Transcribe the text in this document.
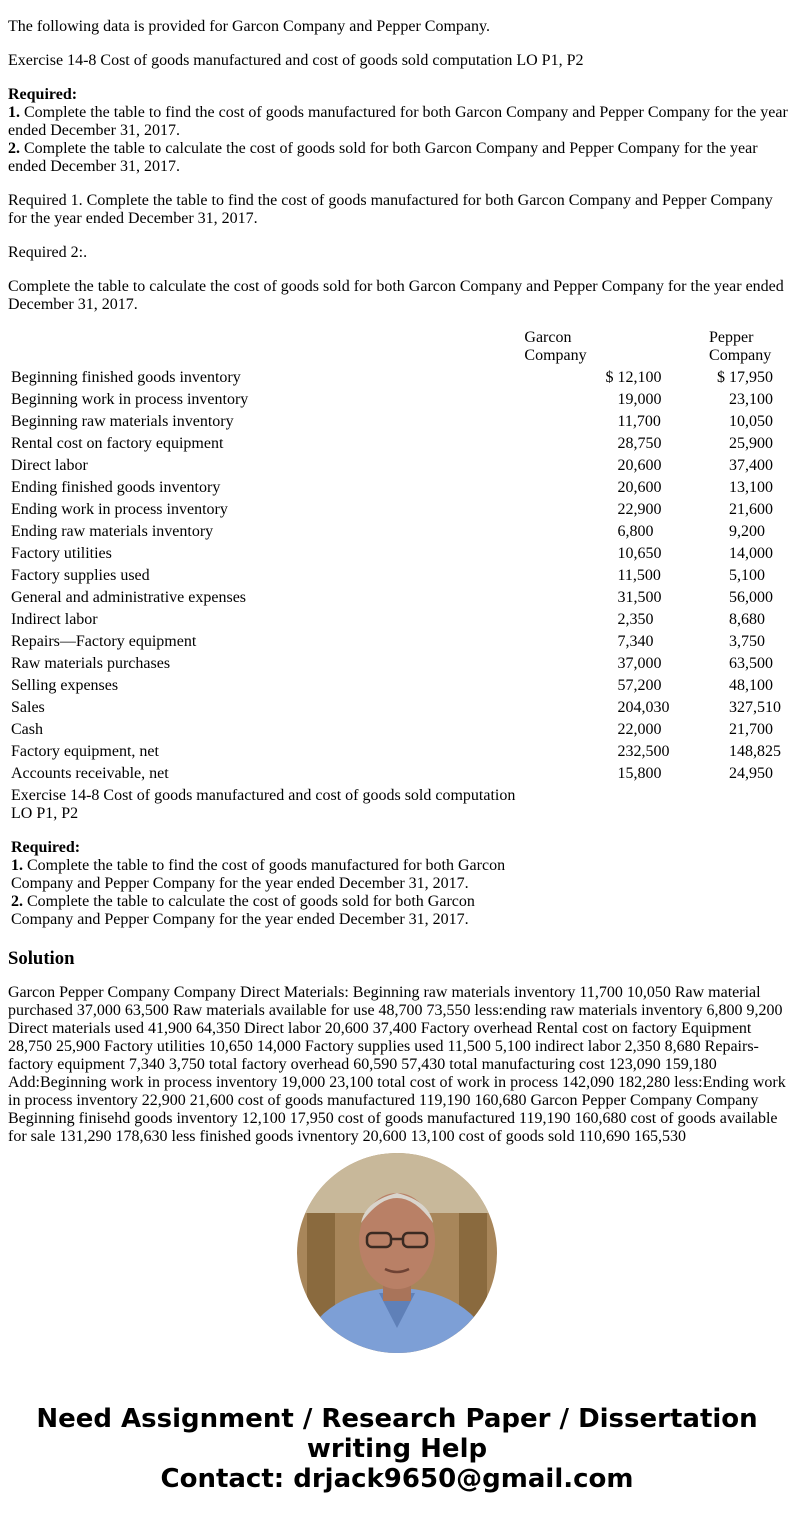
The following data is provided for Garcon Company and Pepper Company.

Exercise 14-8 Cost of goods manufactured and cost of goods sold computation LO P1, P2

Required:
1. Complete the table to find the cost of goods manufactured for both Garcon Company and Pepper Company for the year ended December 31, 2017.
2. Complete the table to calculate the cost of goods sold for both Garcon Company and Pepper Company for the year ended December 31, 2017.

Required 1. Complete the table to find the cost of goods manufactured for both Garcon Company and Pepper Company for the year ended December 31, 2017.

Required 2:.

Complete the table to calculate the cost of goods sold for both Garcon Company and Pepper Company for the year ended December 31, 2017.

	Garcon
Company	Pepper
Company
Beginning finished goods inventory	$	12,100	$	17,950
Beginning work in process inventory		19,000		23,100
Beginning raw materials inventory		11,700		10,050
Rental cost on factory equipment		28,750		25,900
Direct labor		20,600		37,400
Ending finished goods inventory		20,600		13,100
Ending work in process inventory		22,900		21,600
Ending raw materials inventory		6,800		9,200
Factory utilities		10,650		14,000
Factory supplies used		11,500		5,100
General and administrative expenses		31,500		56,000
Indirect labor		2,350		8,680
Repairs—Factory equipment		7,340		3,750
Raw materials purchases		37,000		63,500
Selling expenses		57,200		48,100
Sales		204,030		327,510
Cash		22,000		21,700
Factory equipment, net		232,500		148,825
Accounts receivable, net		15,800		24,950

Exercise 14-8 Cost of goods manufactured and cost of goods sold computation LO P1, P2
Required:
1. Complete the table to find the cost of goods manufactured for both Garcon Company and Pepper Company for the year ended December 31, 2017.
2. Complete the table to calculate the cost of goods sold for both Garcon Company and Pepper Company for the year ended December 31, 2017.
Solution

Garcon Pepper Company Company Direct Materials: Beginning raw materials inventory 11,700 10,050 Raw material purchased 37,000 63,500 Raw materials available for use 48,700 73,550 less:ending raw materials inventory 6,800 9,200 Direct materials used 41,900 64,350 Direct labor 20,600 37,400 Factory overhead Rental cost on factory Equipment 28,750 25,900 Factory utilities 10,650 14,000 Factory supplies used 11,500 5,100 indirect labor 2,350 8,680 Repairs-factory equipment 7,340 3,750 total factory overhead 60,590 57,430 total manufacturing cost 123,090 159,180 Add:Beginning work in process inventory 19,000 23,100 total cost of work in process 142,090 182,280 less:Ending work in process inventory 22,900 21,600 cost of goods manufactured 119,190 160,680 Garcon Pepper Company Company Beginning finisehd goods inventory 12,100 17,950 cost of goods manufactured 119,190 160,680 cost of goods available for sale 131,290 178,630 less finished goods ivnentory 20,600 13,100 cost of goods sold 110,690 165,530

Need Assignment / Research Paper / Dissertation
writing Help
Contact: drjack9650@gmail.com
